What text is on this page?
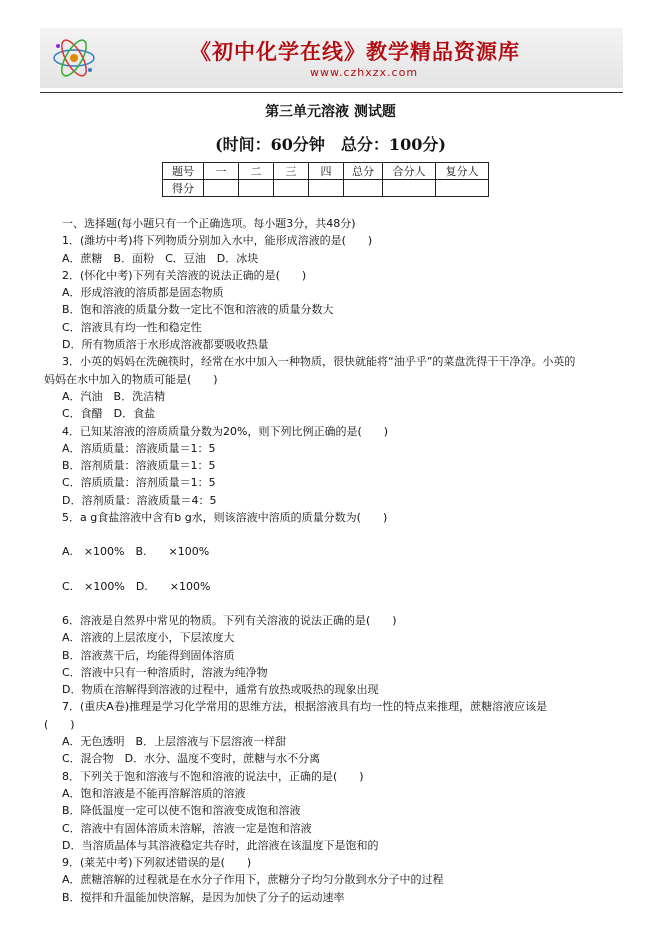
《初中化学在线》教学精品资源库
www.czhxzx.com
第三单元溶液 测试题
(时间：60分钟　总分：100分)
题号	一	二	三	四	总分	合分人	复分人
得分							
一、选择题(每小题只有一个正确选项。每小题3分，共48分)
1．(潍坊中考)将下列物质分别加入水中，能形成溶液的是(　　)
A．蔗糖　B．面粉　C．豆油　D．冰块
2．(怀化中考)下列有关溶液的说法正确的是(　　)
A．形成溶液的溶质都是固态物质
B．饱和溶液的质量分数一定比不饱和溶液的质量分数大
C．溶液具有均一性和稳定性
D．所有物质溶于水形成溶液都要吸收热量
3．小英的妈妈在洗碗筷时，经常在水中加入一种物质，很快就能将“油乎乎”的菜盘洗得干干净净。小英的
妈妈在水中加入的物质可能是(　　)
A．汽油　B．洗洁精
C．食醋　D．食盐
4．已知某溶液的溶质质量分数为20%，则下列比例正确的是(　　)
A．溶质质量：溶液质量＝1：5
B．溶剂质量：溶液质量＝1：5
C．溶质质量：溶剂质量＝1：5
D．溶剂质量：溶液质量＝4：5
5．a g食盐溶液中含有b g水，则该溶液中溶质的质量分数为(　　)
A.　×100%　B.　　×100%
C.　×100%　D.　　×100%
6．溶液是自然界中常见的物质。下列有关溶液的说法正确的是(　　)
A．溶液的上层浓度小，下层浓度大
B．溶液蒸干后，均能得到固体溶质
C．溶液中只有一种溶质时，溶液为纯净物
D．物质在溶解得到溶液的过程中，通常有放热或吸热的现象出现
7．(重庆A卷)推理是学习化学常用的思维方法，根据溶液具有均一性的特点来推理，蔗糖溶液应该是
(　　)
A．无色透明　B．上层溶液与下层溶液一样甜
C．混合物　D．水分、温度不变时，蔗糖与水不分离
8．下列关于饱和溶液与不饱和溶液的说法中，正确的是(　　)
A．饱和溶液是不能再溶解溶质的溶液
B．降低温度一定可以使不饱和溶液变成饱和溶液
C．溶液中有固体溶质未溶解，溶液一定是饱和溶液
D．当溶质晶体与其溶液稳定共存时，此溶液在该温度下是饱和的
9．(莱芜中考)下列叙述错误的是(　　)
A．蔗糖溶解的过程就是在水分子作用下，蔗糖分子均匀分散到水分子中的过程
B．搅拌和升温能加快溶解，是因为加快了分子的运动速率
